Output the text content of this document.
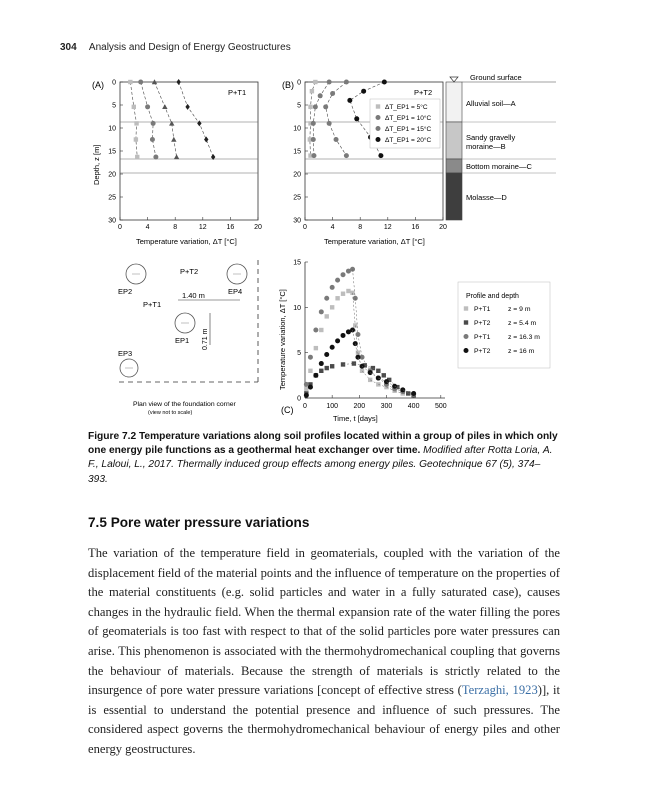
304 Analysis and Design of Energy Geostructures
(A)
P+T1
0	4	8	12	16	20
0
5
10
15
20
25
30
Temperature variation, ΔT [°C]
Depth, z [m]
(B)
P+T2
0	4	8	12	16	20
0
5
10
15
20
25
30
ΔT_EP1 = 5°C
ΔT_EP1 = 10°C
ΔT_EP1 = 15°C
ΔT_EP1 = 20°C
Temperature variation, ΔT [°C]
Ground surface
Alluvial soil—A
Sandy gravelly moraine—B
Bottom moraine—C
Molasse—D
EP2	EP4
EP1
EP3
P+T2
P+T1
1.40 m
0.71 m
Plan view of the foundation corner
(view not to scale)	(C) 0	100 200 300 400 500
0
5
10
15
Time, t [days]
Temperature variation, ΔT [°C]	Profile and depth
P+T1	z = 9 m
P+T2	z = 5.4 m
P+T1	z = 16.3 m
P+T2	z = 16 m
Figure 7.2 Temperature variations along soil profiles located within a group of piles in which only one energy pile functions as a geothermal heat exchanger over time. Modified after Rotta Loria, A. F., Laloui, L., 2017. Thermally induced group effects among energy piles. Geotechnique 67 (5), 374–393.
7.5 Pore water pressure variations
The variation of the temperature field in geomaterials, coupled with the variation of the displacement field of the material points and the influence of temperature on the properties of the material constituents (e.g. solid particles and water in a fully saturated case), causes changes in the hydraulic field. When the thermal expansion rate of the water filling the pores of geomaterials is too fast with respect to that of the solid particles pore water pressures can arise. This phenomenon is associated with the thermohydromechanical coupling that governs the behaviour of materials. Because the strength of materials is strictly related to the insurgence of pore water pressure variations [concept of effective stress (Terzaghi, 1923)], it is essential to understand the potential presence and influence of such pressures. The considered aspect governs the thermohydromechanical behaviour of energy piles and other energy geostructures.
